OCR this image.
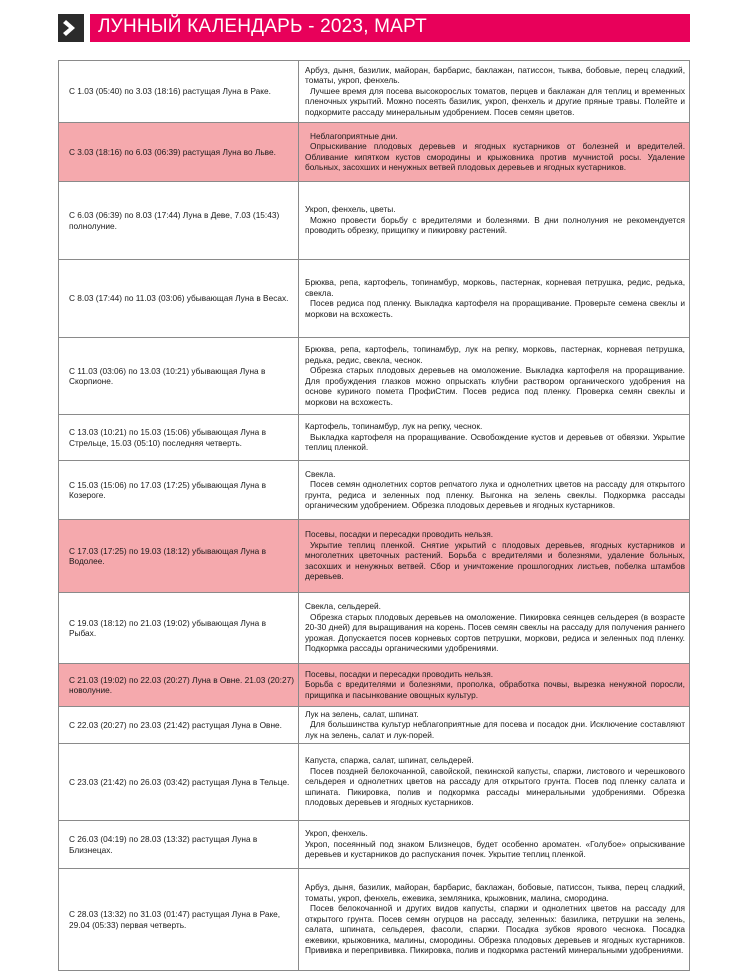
ЛУННЫЙ КАЛЕНДАРЬ - 2023, МАРТ
С 1.03 (05:40) по 3.03 (18:16) растущая Луна в Раке.	Арбуз, дыня, базилик, майоран, барбарис, баклажан, патиссон, тыква, бобовые, перец сладкий, томаты, укроп, фенхель.
Лучшее время для посева высокорослых томатов, перцев и баклажан для теплиц и временных пленочных укрытий. Можно посеять базилик, укроп, фенхель и другие пряные травы. Полейте и подкормите рассаду минеральным удобрением. Посев семян цветов.

С 3.03 (18:16) по 6.03 (06:39) растущая Луна во Льве.	Неблагоприятные дни.
Опрыскивание плодовых деревьев и ягодных кустарников от болезней и вредителей. Обливание кипятком кустов смородины и крыжовника против мучнистой росы. Удаление больных, засохших и ненужных ветвей плодовых деревьев и ягодных кустарников.

С 6.03 (06:39) по 8.03 (17:44) Луна в Деве, 7.03 (15:43) полнолуние.	Укроп, фенхель, цветы.
Можно провести борьбу с вредителями и болезнями. В дни полнолуния не рекомендуется проводить обрезку, прищипку и пикировку растений.

С 8.03 (17:44) по 11.03 (03:06) убывающая Луна в Весах.	Брюква, репа, картофель, топинамбур, морковь, пастернак, корневая петрушка, редис, редька, свекла.
Посев редиса под пленку. Выкладка картофеля на проращивание. Проверьте семена свеклы и моркови на всхожесть.

С 11.03 (03:06) по 13.03 (10:21) убывающая Луна в Скорпионе.	Брюква, репа, картофель, топинамбур, лук на репку, морковь, пастернак, корневая петрушка, редька, редис, свекла, чеснок.
Обрезка старых плодовых деревьев на омоложение. Выкладка картофеля на проращивание. Для пробуждения глазков можно опрыскать клубни раствором органического удобрения на основе куриного помета ПрофиСтим. Посев редиса под пленку. Проверка семян свеклы и моркови на всхожесть.

С 13.03 (10:21) по 15.03 (15:06) убывающая Луна в Стрельце, 15.03 (05:10) последняя четверть.	Картофель, топинамбур, лук на репку, чеснок.
Выкладка картофеля на проращивание. Освобождение кустов и деревьев от обвязки. Укрытие теплиц пленкой.

С 15.03 (15:06) по 17.03 (17:25) убывающая Луна в Козероге.	Свекла.
Посев семян однолетних сортов репчатого лука и однолетних цветов на рассаду для открытого грунта, редиса и зеленных под пленку. Выгонка на зелень свеклы. Подкормка рассады органическим удобрением. Обрезка плодовых деревьев и ягодных кустарников.

С 17.03 (17:25) по 19.03 (18:12) убывающая Луна в Водолее.	Посевы, посадки и пересадки проводить нельзя.
Укрытие теплиц пленкой. Снятие укрытий с плодовых деревьев, ягодных кустарников и многолетних цветочных растений. Борьба с вредителями и болезнями, удаление больных, засохших и ненужных ветвей. Сбор и уничтожение прошлогодних листьев, побелка штамбов деревьев.

С 19.03 (18:12) по 21.03 (19:02) убывающая Луна в Рыбах.	Свекла, сельдерей.
Обрезка старых плодовых деревьев на омоложение. Пикировка сеянцев сельдерея (в возрасте 20-30 дней) для выращивания на корень. Посев семян свеклы на рассаду для получения раннего урожая. Допускается посев корневых сортов петрушки, моркови, редиса и зеленных под пленку. Подкормка рассады органическими удобрениями.

С 21.03 (19:02) по 22.03 (20:27) Луна в Овне. 21.03 (20:27) новолуние.	Посевы, посадки и пересадки проводить нельзя.
Борьба с вредителями и болезнями, прополка, обработка почвы, вырезка ненужной поросли, прищипка и пасынкование овощных культур.

С 22.03 (20:27) по 23.03 (21:42) растущая Луна в Овне.	Лук на зелень, салат, шпинат.
Для большинства культур неблагоприятные для посева и посадок дни. Исключение составляют лук на зелень, салат и лук-порей.

С 23.03 (21:42) по 26.03 (03:42) растущая Луна в Тельце.	Капуста, спаржа, салат, шпинат, сельдерей.
Посев поздней белокочанной, савойской, пекинской капусты, спаржи, листового и черешкового сельдерея и однолетних цветов на рассаду для открытого грунта. Посев под пленку салата и шпината. Пикировка, полив и подкормка рассады минеральными удобрениями. Обрезка плодовых деревьев и ягодных кустарников.

С 26.03 (04:19) по 28.03 (13:32) растущая Луна в Близнецах.	Укроп, фенхель.
Укроп, посеянный под знаком Близнецов, будет особенно ароматен. «Голубое» опрыскивание деревьев и кустарников до распускания почек. Укрытие теплиц пленкой.

С 28.03 (13:32) по 31.03 (01:47) растущая Луна в Раке, 29.04 (05:33) первая четверть.	Арбуз, дыня, базилик, майоран, барбарис, баклажан, бобовые, патиссон, тыква, перец сладкий, томаты, укроп, фенхель, ежевика, земляника, крыжовник, малина, смородина.
Посев белокочанной и других видов капусты, спаржи и однолетних цветов на рассаду для открытого грунта. Посев семян огурцов на рассаду, зеленных: базилика, петрушки на зелень, салата, шпината, сельдерея, фасоли, спаржи. Посадка зубков ярового чеснока. Посадка ежевики, крыжовника, малины, смородины. Обрезка плодовых деревьев и ягодных кустарников. Прививка и перепрививка. Пикировка, полив и подкормка растений минеральными удобрениями.
